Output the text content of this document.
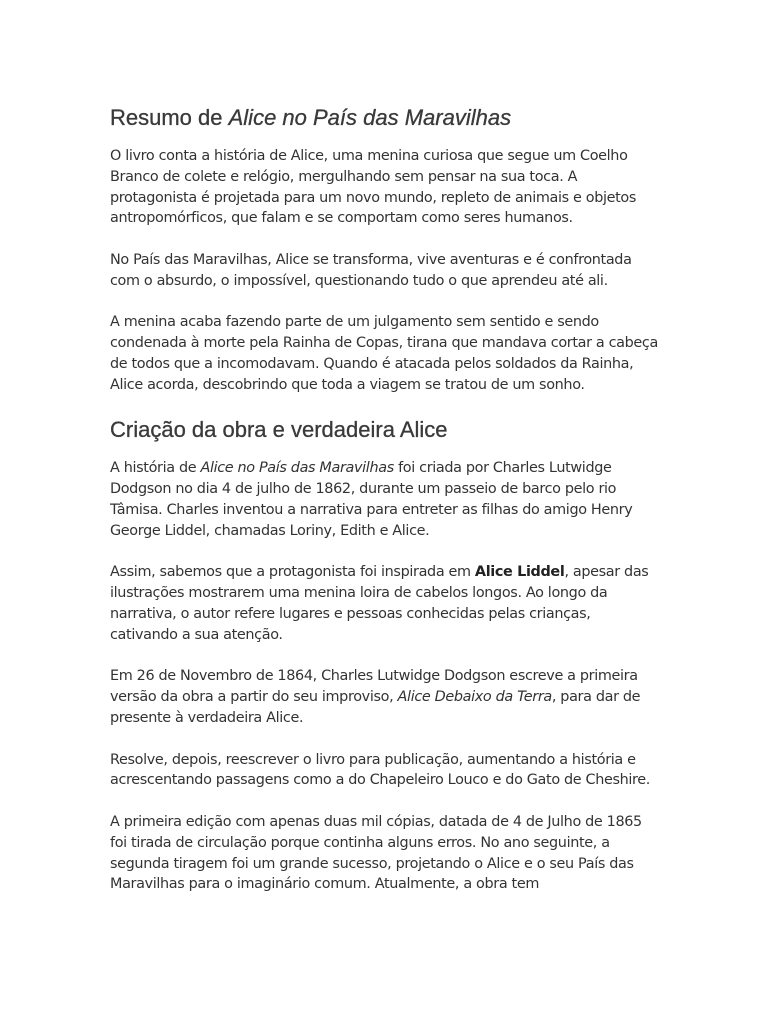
Resumo de Alice no País das Maravilhas

O livro conta a história de Alice, uma menina curiosa que segue um Coelho Branco de colete e relógio, mergulhando sem pensar na sua toca. A protagonista é projetada para um novo mundo, repleto de animais e objetos antropomórficos, que falam e se comportam como seres humanos.

No País das Maravilhas, Alice se transforma, vive aventuras e é confrontada com o absurdo, o impossível, questionando tudo o que aprendeu até ali.

A menina acaba fazendo parte de um julgamento sem sentido e sendo condenada à morte pela Rainha de Copas, tirana que mandava cortar a cabeça de todos que a incomodavam. Quando é atacada pelos soldados da Rainha, Alice acorda, descobrindo que toda a viagem se tratou de um sonho.

Criação da obra e verdadeira Alice

A história de Alice no País das Maravilhas foi criada por Charles Lutwidge Dodgson no dia 4 de julho de 1862, durante um passeio de barco pelo rio Tâmisa. Charles inventou a narrativa para entreter as filhas do amigo Henry George Liddel, chamadas Loriny, Edith e Alice.

Assim, sabemos que a protagonista foi inspirada em Alice Liddel, apesar das ilustrações mostrarem uma menina loira de cabelos longos. Ao longo da narrativa, o autor refere lugares e pessoas conhecidas pelas crianças, cativando a sua atenção.

Em 26 de Novembro de 1864, Charles Lutwidge Dodgson escreve a primeira versão da obra a partir do seu improviso, Alice Debaixo da Terra, para dar de presente à verdadeira Alice.

Resolve, depois, reescrever o livro para publicação, aumentando a história e acrescentando passagens como a do Chapeleiro Louco e do Gato de Cheshire.

A primeira edição com apenas duas mil cópias, datada de 4 de Julho de 1865 foi tirada de circulação porque continha alguns erros. No ano seguinte, a segunda tiragem foi um grande sucesso, projetando o Alice e o seu País das Maravilhas para o imaginário comum. Atualmente, a obra tem
